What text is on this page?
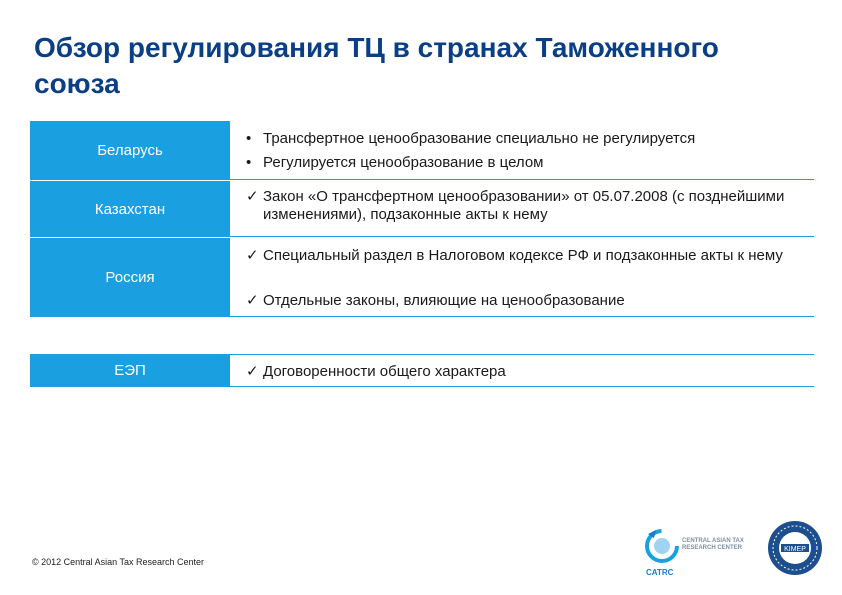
Обзор регулирования ТЦ в странах Таможенного союза
Беларусь
• Трансфертное ценообразование специально не регулируется
• Регулируется ценообразование в целом
Казахстан
✓ Закон «О трансфертном ценообразовании» от 05.07.2008 (с позднейшими изменениями), подзаконные акты к нему
Россия
✓ Специальный раздел в Налоговом кодексе РФ и подзаконные акты к нему
✓ Отдельные законы, влияющие на ценообразование
ЕЭП	✓ Договоренности общего характера
© 2012 Central Asian Tax Research Center
CENTRAL ASIAN TAX RESEARCH CENTER
CATRC
KIMEP
